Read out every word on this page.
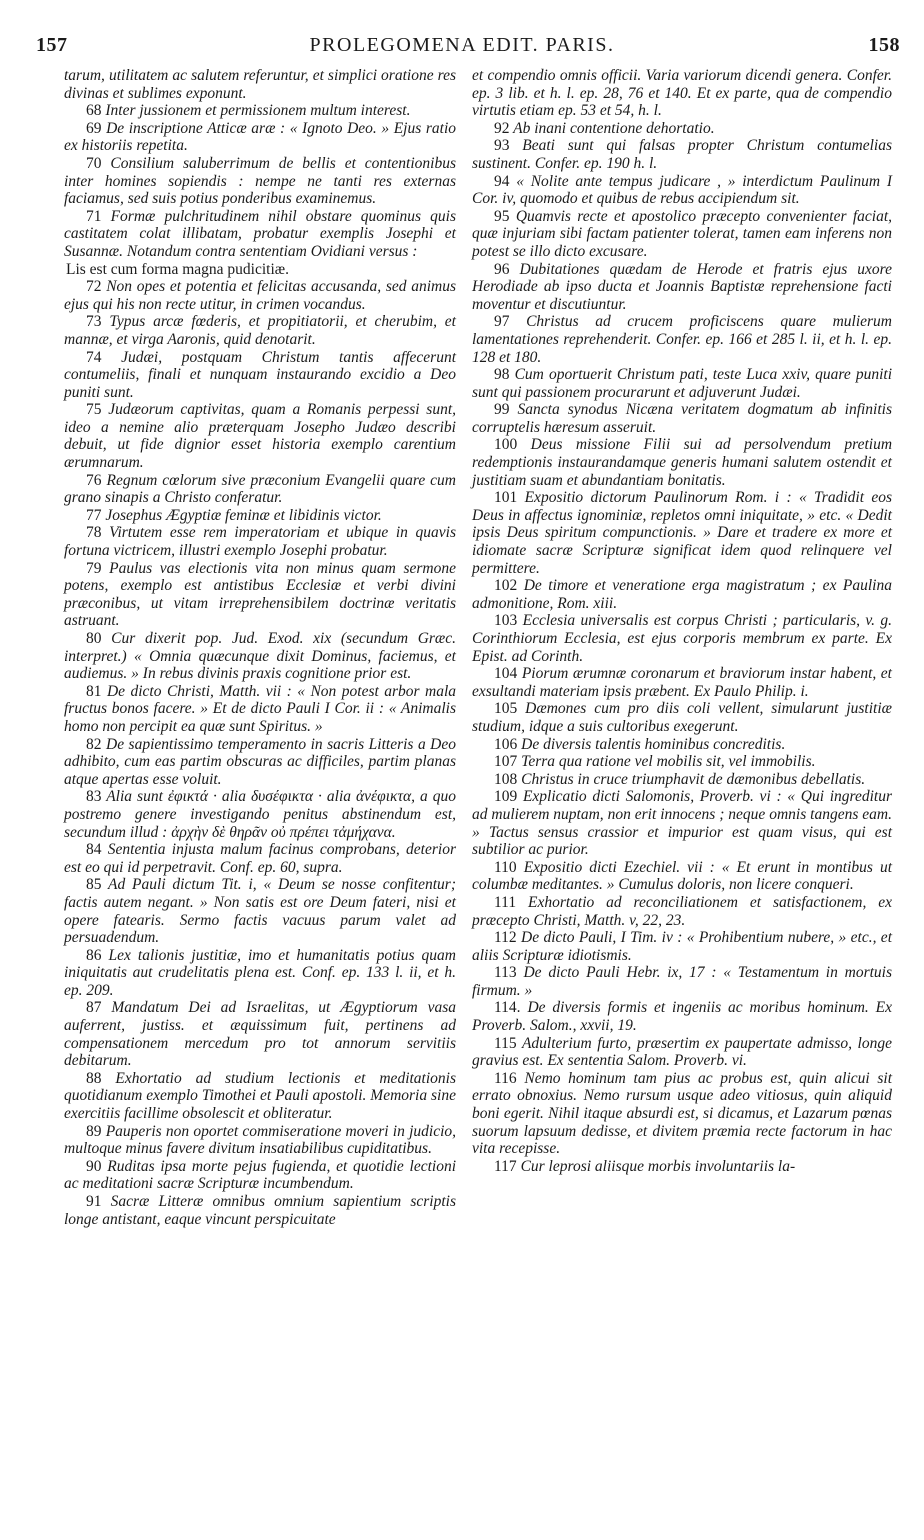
157	PROLEGOMENA EDIT. PARIS.	158

tarum, utilitatem ac salutem referuntur, et simplici oratione res divinas et sublimes exponunt.

68 Inter jussionem et permissionem multum interest.

69 De inscriptione Atticæ aræ : « Ignoto Deo. » Ejus ratio ex historiis repetita.

70 Consilium saluberrimum de bellis et contentionibus inter homines sopiendis : nempe ne tanti res externas faciamus, sed suis potius ponderibus examinemus.

71 Formæ pulchritudinem nihil obstare quominus quis castitatem colat illibatam, probatur exemplis Josephi et Susannæ. Notandum contra sententiam Ovidiani versus :

Lis est cum forma magna pudicitiæ.

72 Non opes et potentia et felicitas accusanda, sed animus ejus qui his non recte utitur, in crimen vocandus.

73 Typus arcæ fœderis, et propitiatorii, et cherubim, et mannæ, et virga Aaronis, quid denotarit.

74 Judæi, postquam Christum tantis affecerunt contumeliis, finali et nunquam instaurando excidio a Deo puniti sunt.

75 Judæorum captivitas, quam a Romanis perpessi sunt, ideo a nemine alio præterquam Josepho Judæo describi debuit, ut fide dignior esset historia exemplo carentium ærumnarum.

76 Regnum cœlorum sive præconium Evangelii quare cum grano sinapis a Christo conferatur.

77 Josephus Ægyptiæ feminæ et libidinis victor.

78 Virtutem esse rem imperatoriam et ubique in quavis fortuna victricem, illustri exemplo Josephi probatur.

79 Paulus vas electionis vita non minus quam sermone potens, exemplo est antistibus Ecclesiæ et verbi divini præconibus, ut vitam irreprehensibilem doctrinæ veritatis astruant.

80 Cur dixerit pop. Jud. Exod. xix (secundum Græc. interpret.) « Omnia quæcunque dixit Dominus, faciemus, et audiemus. » In rebus divinis praxis cognitione prior est.

81 De dicto Christi, Matth. vii : « Non potest arbor mala fructus bonos facere. » Et de dicto Pauli I Cor. ii : « Animalis homo non percipit ea quæ sunt Spiritus. »

82 De sapientissimo temperamento in sacris Litteris a Deo adhibito, cum eas partim obscuras ac difficiles, partim planas atque apertas esse voluit.

83 Alia sunt ἐφικτά · alia δυσέφικτα · alia ἀνέφικτα, a quo postremo genere investigando penitus abstinendum est, secundum illud : ἀρχὴν δὲ θηρᾶν οὐ πρέπει τἀμήχανα.

84 Sententia injusta malum facinus comprobans, deterior est eo qui id perpetravit. Conf. ep. 60, supra.

85 Ad Pauli dictum Tit. i, « Deum se nosse confitentur; factis autem negant. » Non satis est ore Deum fateri, nisi et opere fatearis. Sermo factis vacuus parum valet ad persuadendum.

86 Lex talionis justitiæ, imo et humanitatis potius quam iniquitatis aut crudelitatis plena est. Conf. ep. 133 l. ii, et h. ep. 209.

87 Mandatum Dei ad Israelitas, ut Ægyptiorum vasa auferrent, justiss. et æquissimum fuit, pertinens ad compensationem mercedum pro tot annorum servitiis debitarum.

88 Exhortatio ad studium lectionis et meditationis quotidianum exemplo Timothei et Pauli apostoli. Memoria sine exercitiis facillime obsolescit et obliteratur.

89 Pauperis non oportet commiseratione moveri in judicio, multoque minus favere divitum insatiabilibus cupiditatibus.

90 Ruditas ipsa morte pejus fugienda, et quotidie lectioni ac meditationi sacræ Scripturæ incumbendum.

91 Sacræ Litteræ omnibus omnium sapientium scriptis longe antistant, eaque vincunt perspicuitate

et compendio omnis officii. Varia variorum dicendi genera. Confer. ep. 3 lib. et h. l. ep. 28, 76 et 140. Et ex parte, qua de compendio virtutis etiam ep. 53 et 54, h. l.

92 Ab inani contentione dehortatio.

93 Beati sunt qui falsas propter Christum contumelias sustinent. Confer. ep. 190 h. l.

94 « Nolite ante tempus judicare , » interdictum Paulinum I Cor. iv, quomodo et quibus de rebus accipiendum sit.

95 Quamvis recte et apostolico præcepto convenienter faciat, quæ injuriam sibi factam patienter tolerat, tamen eam inferens non potest se illo dicto excusare.

96 Dubitationes quædam de Herode et fratris ejus uxore Herodiade ab ipso ducta et Joannis Baptistæ reprehensione facti moventur et discutiuntur.

97 Christus ad crucem proficiscens quare mulierum lamentationes reprehenderit. Confer. ep. 166 et 285 l. ii, et h. l. ep. 128 et 180.

98 Cum oportuerit Christum pati, teste Luca xxiv, quare puniti sunt qui passionem procurarunt et adjuverunt Judæi.

99 Sancta synodus Nicæna veritatem dogmatum ab infinitis corruptelis hæresum asseruit.

100 Deus missione Filii sui ad persolvendum pretium redemptionis instaurandamque generis humani salutem ostendit et justitiam suam et abundantiam bonitatis.

101 Expositio dictorum Paulinorum Rom. i : « Tradidit eos Deus in affectus ignominiæ, repletos omni iniquitate, » etc. « Dedit ipsis Deus spiritum compunctionis. » Dare et tradere ex more et idiomate sacræ Scripturæ significat idem quod relinquere vel permittere.

102 De timore et veneratione erga magistratum ; ex Paulina admonitione, Rom. xiii.

103 Ecclesia universalis est corpus Christi ; particularis, v. g. Corinthiorum Ecclesia, est ejus corporis membrum ex parte. Ex Epist. ad Corinth.

104 Piorum ærumnæ coronarum et braviorum instar habent, et exsultandi materiam ipsis præbent. Ex Paulo Philip. i.

105 Dæmones cum pro diis coli vellent, simularunt justitiæ studium, idque a suis cultoribus exegerunt.

106 De diversis talentis hominibus concreditis.

107 Terra qua ratione vel mobilis sit, vel immobilis.

108 Christus in cruce triumphavit de dæmonibus debellatis.

109 Explicatio dicti Salomonis, Proverb. vi : « Qui ingreditur ad mulierem nuptam, non erit innocens ; neque omnis tangens eam. » Tactus sensus crassior et impurior est quam visus, qui est subtilior ac purior.

110 Expositio dicti Ezechiel. vii : « Et erunt in montibus ut columbæ meditantes. » Cumulus doloris, non licere conqueri.

111 Exhortatio ad reconciliationem et satisfactionem, ex præcepto Christi, Matth. v, 22, 23.

112 De dicto Pauli, I Tim. iv : « Prohibentium nubere, » etc., et aliis Scripturæ idiotismis.

113 De dicto Pauli Hebr. ix, 17 : « Testamentum in mortuis firmum. »

114. De diversis formis et ingeniis ac moribus hominum. Ex Proverb. Salom., xxvii, 19.

115 Adulterium furto, præsertim ex paupertate admisso, longe gravius est. Ex sententia Salom. Proverb. vi.

116 Nemo hominum tam pius ac probus est, quin alicui sit errato obnoxius. Nemo rursum usque adeo vitiosus, quin aliquid boni egerit. Nihil itaque absurdi est, si dicamus, et Lazarum pœnas suorum lapsuum dedisse, et divitem præmia recte factorum in hac vita recepisse.

117 Cur leprosi aliisque morbis involuntariis la-
